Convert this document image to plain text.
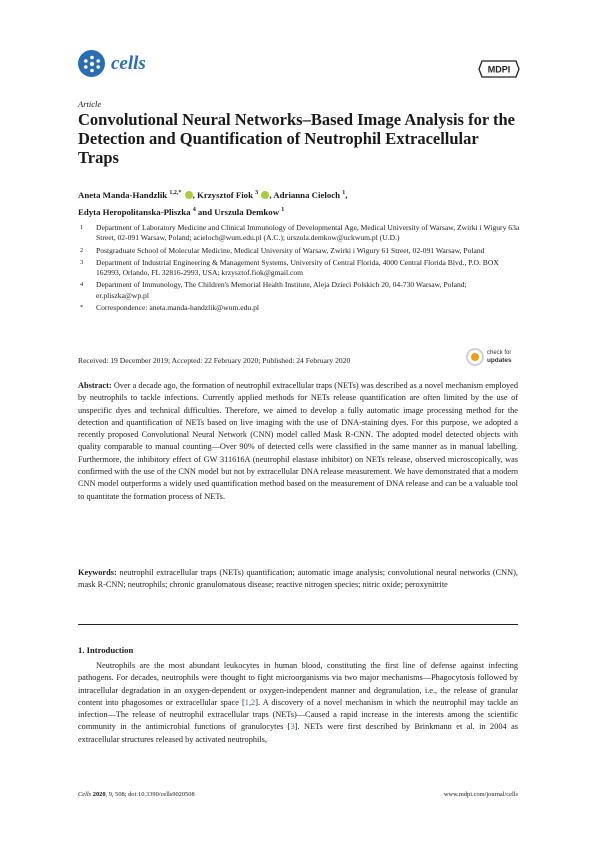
cells	MDPI
Article
Convolutional Neural Networks–Based Image Analysis for the Detection and Quantification of Neutrophil Extracellular Traps
Aneta Manda-Handzlik $^{1,2,*}$ , Krzysztof Fiok $^3$ , Adrianna Cieloch $^1$,
Edyta Heropolitanska-Pliszka $^4$ and Urszula Demkow $^1$
1 Department of Laboratory Medicine and Clinical Immunology of Developmental Age, Medical University of Warsaw, Zwirki i Wigury 63a Street, 02-091 Warsaw, Poland; acieloch@wum.edu.pl (A.C.); urszula.demkow@uckwum.pl (U.D.)
2 Postgraduate School of Molecular Medicine, Medical University of Warsaw, Zwirki i Wigury 61 Street, 02-091 Warsaw, Poland
3 Department of Industrial Engineering & Management Systems, University of Central Florida, 4000 Central Florida Blvd., P.O. BOX 162993, Orlando, FL 32816-2993, USA; krzysztof.fiok@gmail.com
4 Department of Immunology, The Children's Memorial Health Institute, Aleja Dzieci Polskich 20, 04-730 Warsaw, Poland; er.pliszka@wp.pl
* Correspondence: aneta.manda-handzlik@wum.edu.pl
Received: 19 December 2019; Accepted: 22 February 2020; Published: 24 February 2020
check for
updates

Abstract: Over a decade ago, the formation of neutrophil extracellular traps (NETs) was described as a novel mechanism employed by neutrophils to tackle infections. Currently applied methods for NETs release quantification are often limited by the use of unspecific dyes and technical difficulties. Therefore, we aimed to develop a fully automatic image processing method for the detection and quantification of NETs based on live imaging with the use of DNA-staining dyes. For this purpose, we adopted a recently proposed Convolutional Neural Network (CNN) model called Mask R-CNN. The adopted model detected objects with quality comparable to manual counting—Over 90% of detected cells were classified in the same manner as in manual labelling. Furthermore, the inhibitory effect of GW 311616A (neutrophil elastase inhibitor) on NETs release, observed microscopically, was confirmed with the use of the CNN model but not by extracellular DNA release measurement. We have demonstrated that a modern CNN model outperforms a widely used quantification method based on the measurement of DNA release and can be a valuable tool to quantitate the formation process of NETs.

Keywords: neutrophil extracellular traps (NETs) quantification; automatic image analysis; convolutional neural networks (CNN), mask R-CNN; neutrophils; chronic granulomatous disease; reactive nitrogen species; nitric oxide; peroxynitrite

1. Introduction

Neutrophils are the most abundant leukocytes in human blood, constituting the first line of defense against infecting pathogens. For decades, neutrophils were thought to fight microorganisms via two major mechanisms—Phagocytosis followed by intracellular degradation in an oxygen-dependent or oxygen-independent manner and degranulation, i.e., the release of granular content into phagosomes or extracellular space [1,2]. A discovery of a novel mechanism in which the neutrophil may tackle an infection—The release of neutrophil extracellular traps (NETs)—Caused a rapid increase in the interests among the scientific community in the antimicrobial functions of granulocytes [3]. NETs were first described by Brinkmann et al. in 2004 as extracellular structures released by activated neutrophils,

Cells 2020, 9, 508; doi:10.3390/cells9020508	www.mdpi.com/journal/cells
